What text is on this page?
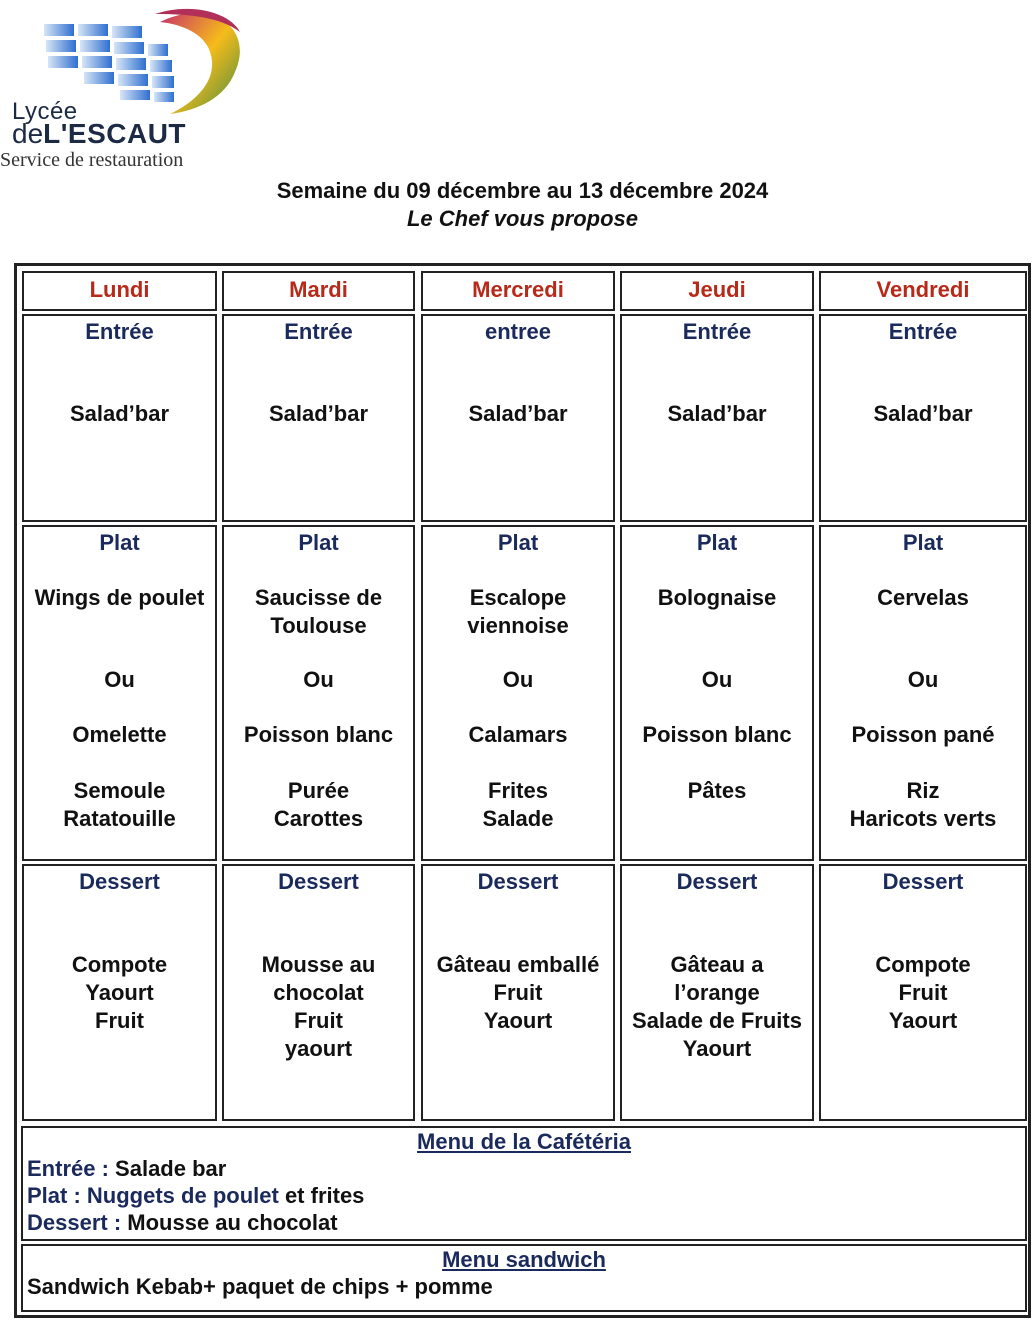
Lycée
deL'ESCAUT
Service de restauration
Semaine du 09 décembre au 13 décembre 2024
Le Chef vous propose
Lundi
Entrée
Salad’bar
Plat
Wings de poulet
Ou
Omelette
Semoule
Ratatouille
Dessert
Compote
Yaourt
Fruit
Mardi
Entrée
Salad’bar
Plat
Saucisse de
Toulouse
Ou
Poisson blanc
Purée
Carottes
Dessert
Mousse au
chocolat
Fruit
yaourt
Mercredi
entree
Salad’bar
Plat
Escalope
viennoise
Ou
Calamars
Frites
Salade
Dessert
Gâteau emballé
Fruit
Yaourt
Jeudi
Entrée
Salad’bar
Plat
Bolognaise
Ou
Poisson blanc
Pâtes
Dessert
Gâteau a
l’orange
Salade de Fruits
Yaourt
Vendredi
Entrée
Salad’bar
Plat
Cervelas
Ou
Poisson pané
Riz
Haricots verts
Dessert
Compote
Fruit
Yaourt
Menu de la Cafétéria
Entrée : Salade bar
Plat : Nuggets de poulet et frites
Dessert : Mousse au chocolat
Menu sandwich
Sandwich Kebab+ paquet de chips + pomme
